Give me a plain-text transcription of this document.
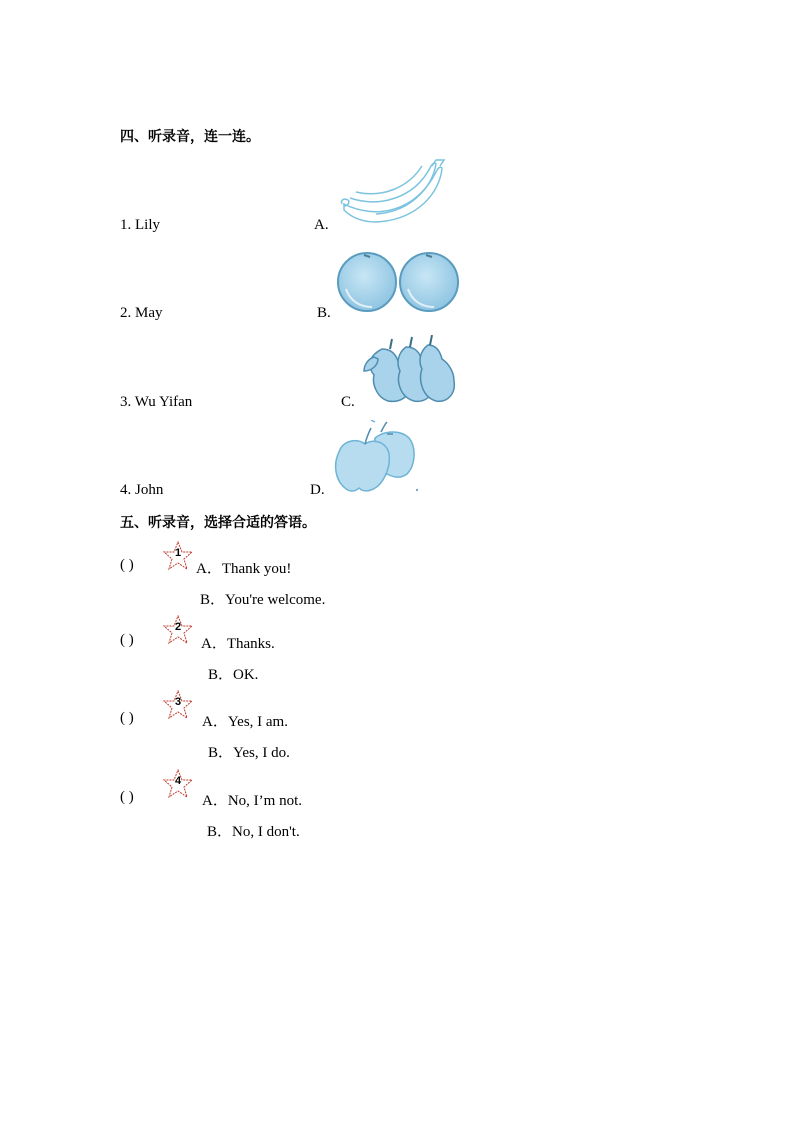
四、听录音，连一连。
1. Lily
2. May
3. Wu Yifan
4. John
A.
B.
C.
D.
五、听录音，选择合适的答语。
( )
1
A．Thank you!
B．You're welcome.
( )
2
A．Thanks.
B．OK.
( )
3
A．Yes, I am.
B．Yes, I do.
( )
4
A．No, I’m not.
B．No, I don't.
